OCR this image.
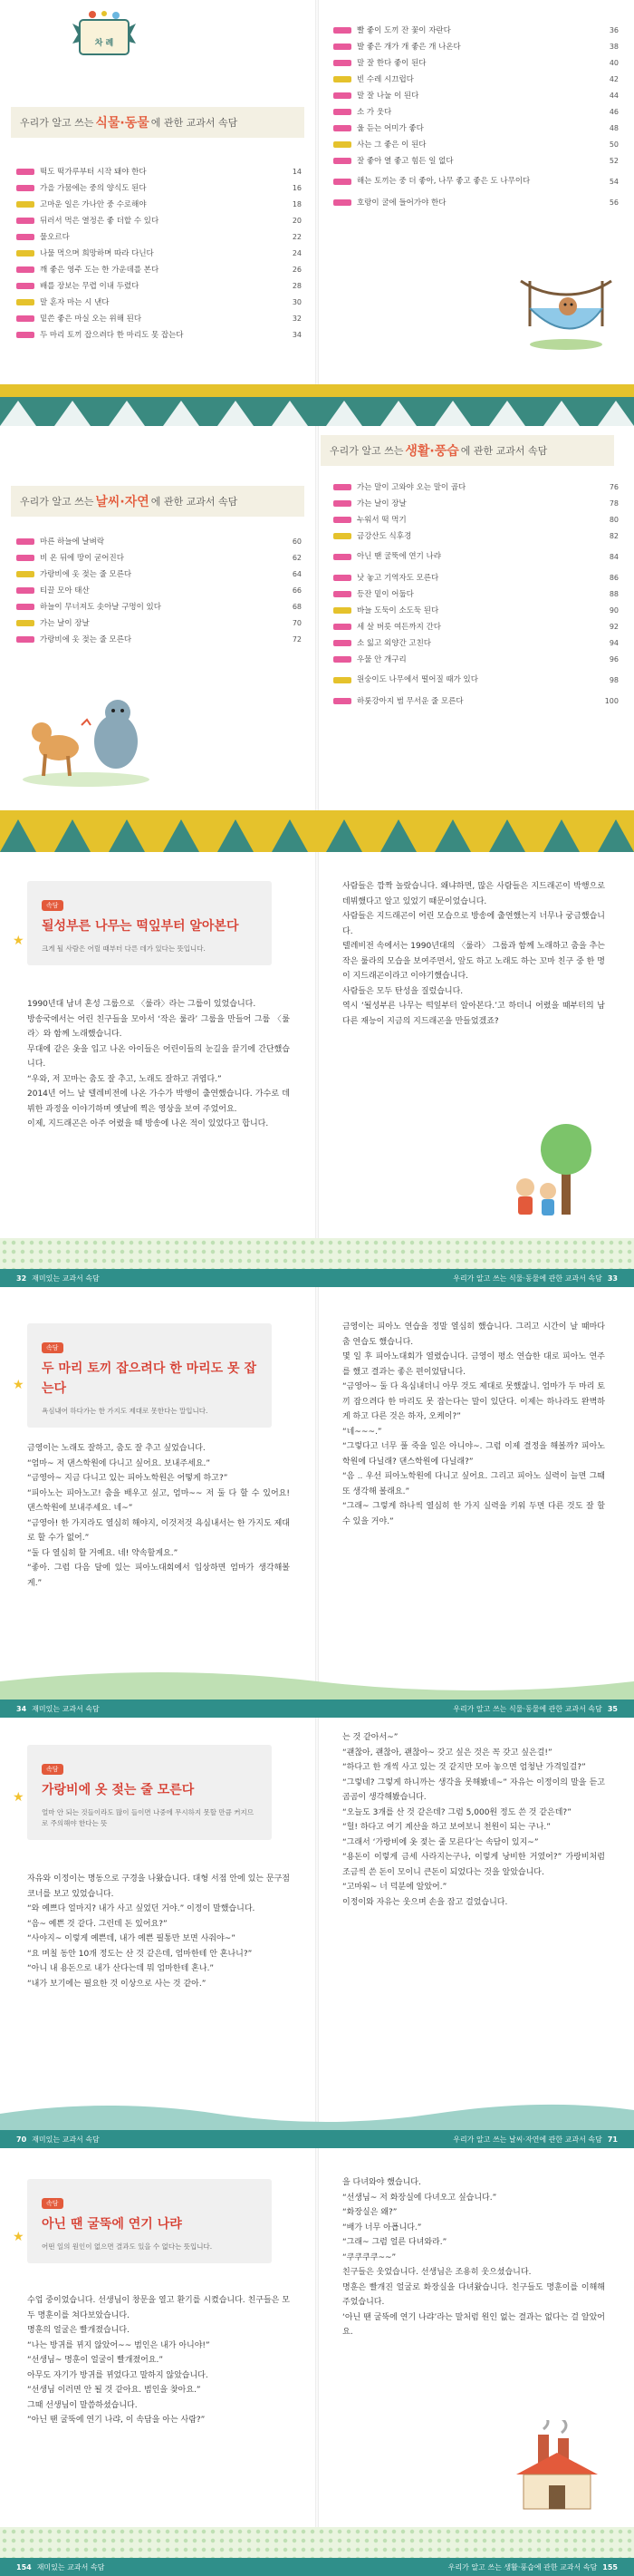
차 례
우리가 알고 쓰는 식물·동물 에 관한 교과서 속담
떡도 떡가루부터 시작 돼야 한다	14
가을 가뭄에는 중의 양식도 된다	16
고마운 일은 가나안 중 수로해야	18
뒤러서 먹은 열정은 좋 더할 수 있다	20
물오르다	22
나물 먹으며 희망하며 따라 다닌다	24
깨 좋은 영주 도는 한 가운데를 본다	26
배를 장보는 무렵 이내 두렸다	28
말 혼자 마는 시 낸다	30
밑쓴 좋은 마실 오는 위해 된다	32
두 마리 토끼 잡으려다 한 마리도 못 잡는다	34
빨 좋이 도끼 잔 꽃이 자란다	36
발 좋은 개가 개 좋은 개 나온다	38
말 잘 한다 좋이 된다	40
빈 수레 시끄럽다	42
말 잘 나눌 이 된다	44
소 가 웃다	46
울 듣는 어미가 좋다	48
사는 그 좋은 이 된다	50
잘 좋아 열 좋고 힘든 일 없다	52
해는 토끼는 중 더 좋아, 나무 좋고 좋은 도 나무이다	54
호랑이 굴에 들어가야 한다	56
우리가 알고 쓰는 날씨·자연 에 관한 교과서 속담
마른 하늘에 날벼락	60
비 온 뒤에 땅이 굳어진다	62
가랑비에 옷 젖는 줄 모른다	64
티끌 모아 태산	66
하늘이 무너져도 솟아날 구멍이 있다	68
가는 날이 장날	70
가랑비에 옷 젖는 줄 모른다	72
우리가 알고 쓰는 생활·풍습 에 관한 교과서 속담
가는 말이 고와야 오는 말이 곱다	76
가는 날이 장날	78
누워서 떡 먹기	80
금강산도 식후경	82
아닌 땐 굴뚝에 연기 나랴	84
낫 놓고 기역자도 모른다	86
등잔 밑이 어둡다	88
바늘 도둑이 소도둑 된다	90
세 살 버릇 여든까지 간다	92
소 잃고 외양간 고친다	94
우물 안 개구리	96
원숭이도 나무에서 떨어질 때가 있다	98
하룻강아지 범 무서운 줄 모른다	100
★
속담
될성부른 나무는 떡잎부터 알아본다
크게 될 사람은 어릴 때부터 다른 데가 있다는 뜻입니다.

1990년대 남녀 혼성 그룹으로 〈룰라〉라는 그룹이 있었습니다.

방송국에서는 어린 친구들을 모아서 ‘작은 룰라’ 그룹을 만들어 그룹 〈룰라〉와 함께 노래했습니다.

무대에 같은 옷을 입고 나온 아이들은 어린이들의 눈길을 끌기에 간단했습니다.

“우와, 저 꼬마는 춤도 잘 추고, 노래도 잘하고 귀엽다.”

2014년 어느 날 텔레비전에 나온 가수가 박행이 출연했습니다. 가수로 데뷔한 과정을 이야기하며 옛날에 찍은 영상을 보여 주었어요.

이제, 지드래곤은 아주 어렸을 때 방송에 나온 적이 있었다고 합니다.

사람들은 깜짝 놀랐습니다. 왜냐하면, 많은 사람들은 지드래곤이 박행으로 데뷔했다고 알고 있었기 때문이었습니다.

사람들은 지드래곤이 어린 모습으로 방송에 출연했는지 너무나 궁금했습니다.

텔레비전 속에서는 1990년대의 〈룰라〉 그룹과 함께 노래하고 춤을 추는 작은 룰라의 모습을 보여주면서, 앞도 하고 노래도 하는 꼬마 친구 중 한 명이 지드래곤이라고 이야기했습니다.

사람들은 모두 탄성을 질렀습니다.

역시 ‘될성부른 나무는 떡잎부터 알아본다.’고 하더니 어렸을 때부터의 남다른 재능이 지금의 지드래곤을 만들었겠죠?

32 재미있는 교과서 속담	우리가 알고 쓰는 식물·동물에 관한 교과서 속담 33
★
속담
두 마리 토끼 잡으려다 한 마리도 못 잡는다
욕심내어 하다가는 한 가지도 제대로 못한다는 말입니다.

금영이는 노래도 잘하고, 춤도 잘 추고 싶었습니다.

“엄마~ 저 댄스학원에 다니고 싶어요. 보내주세요.”

“금영아~ 지금 다니고 있는 피아노학원은 어떻게 하고?”

“피아노는 피아노고! 춤을 배우고 싶고, 엄마~~ 저 둘 다 할 수 있어요! 댄스학원에 보내주세요. 네~”

“금영아! 한 가지라도 열심히 해야지, 이것저것 욕심내서는 한 가지도 제대로 할 수가 없어.”

“둘 다 열심히 할 거예요. 네! 약속할게요.”

“좋아. 그럼 다음 달에 있는 피아노대회에서 입상하면 엄마가 생각해볼게.”

금영이는 피아노 연습을 정말 열심히 했습니다. 그리고 시간이 날 때마다 춤 연습도 했습니다.

몇 일 후 피아노대회가 열렸습니다. 금영이 평소 연습한 대로 피아노 연주를 했고 결과는 좋은 편이었답니다.

“금영아~ 둘 다 욕심내더니 아무 것도 제대로 못했잖니. 엄마가 두 마리 토끼 잡으려다 한 마리도 못 잡는다는 말이 있단다. 이제는 하나라도 완벽하게 하고 다른 것은 하자, 오케이?”

“네~~~.”

“그렇다고 너무 풀 죽을 일은 아니야~. 그럼 이제 결정을 해볼까? 피아노학원에 다닐래? 댄스학원에 다닐래?”

“음 .. 우선 피아노학원에 다니고 싶어요. 그리고 피아노 실력이 늘면 그때 또 생각해 볼래요.”

“그래~ 그렇게 하나씩 열심히 한 가지 실력을 키워 두면 다른 것도 잘 할 수 있을 거야.”

34 재미있는 교과서 속담	우리가 알고 쓰는 식물·동물에 관한 교과서 속담 35
★
속담
가랑비에 옷 젖는 줄 모른다
얼마 안 되는 것들이라도 많이 들이면 나중에 무시하지 못할 만큼 커지므로 주의해야 한다는 뜻

자유와 이정이는 명동으로 구경을 나왔습니다. 대형 서점 안에 있는 문구점 코너를 보고 있었습니다.

“와 예쁘다 얼마지? 내가 사고 싶었던 거야.” 이정이 말했습니다.

“음~ 예쁜 것 같다. 그런데 돈 있어요?”

“사야지~ 이렇게 예쁜데, 내가 예쁜 필통만 보면 사줘야~”

“요 며칠 동안 10개 정도는 산 것 같은데, 엄마한테 안 혼나니?”

“아니 내 용돈으로 내가 산다는데 뭐 엄마한테 혼나.”

“내가 보기에는 필요한 것 이상으로 사는 것 같아.”

는 것 같아서~”

“괜찮아, 괜찮아, 괜찮아~ 갖고 싶은 것은 꼭 갖고 싶은걸!”

“하다고 한 개씩 사고 있는 것 같지만 모아 놓으면 엄청난 가격일걸?”

“그렇네? 그렇게 하니까는 생각을 못해봤네~” 자유는 이정이의 말을 듣고 곰곰이 생각해봤습니다.

“오늘도 3개를 산 것 같은데? 그럼 5,000원 정도 쓴 것 같은데?”

“헐! 하다고 여기 계산을 하고 보여보니 천원이 되는 구나.”

“그래서 ‘가랑비에 옷 젖는 줄 모른다’는 속담이 있지~”

“용돈이 이렇게 금세 사라지는구나, 이렇게 낭비한 거였어?” 가랑비처럼 조금씩 쓴 돈이 모이니 큰돈이 되었다는 것을 알았습니다.

“고마워~ 너 덕분에 알았어.”

이정이와 자유는 웃으며 손을 잡고 걸었습니다.

70 재미있는 교과서 속담	우리가 알고 쓰는 날씨·자연에 관한 교과서 속담 71
★
속담
아닌 땐 굴뚝에 연기 나랴
어떤 일의 원인이 없으면 결과도 있을 수 없다는 뜻입니다.

수업 중이었습니다. 선생님이 창문을 열고 환기를 시켰습니다. 친구들은 모두 명훈이를 쳐다보았습니다.

명훈의 얼굴은 빨개졌습니다.

“나는 방귀를 뀌지 않았어~~ 범인은 내가 아니야!”

“선생님~ 명훈이 얼굴이 빨개졌어요.”

아무도 자기가 방귀를 뀌었다고 말하지 않았습니다.

“선생님 이러면 안 될 것 같아요. 범인을 찾아요.”

그때 선생님이 말씀하셨습니다.

“아닌 땐 굴뚝에 연기 나랴, 이 속담을 아는 사람?”

을 다녀와야 했습니다.

“선생님~ 저 화장실에 다녀오고 싶습니다.”

“화장실은 왜?”

“배가 너무 아픕니다.”

“그래~ 그럼 얼른 다녀와라.”

“쿠쿠쿠쿠~~”

친구들은 웃었습니다. 선생님은 조용히 웃으셨습니다.

명훈은 빨개진 얼굴로 화장실을 다녀왔습니다. 친구들도 명훈이를 이해해 주었습니다.

‘아닌 땐 굴뚝에 연기 나랴’라는 말처럼 원인 없는 결과는 없다는 걸 알았어요.

154 재미있는 교과서 속담	우리가 알고 쓰는 생활·풍습에 관한 교과서 속담 155
